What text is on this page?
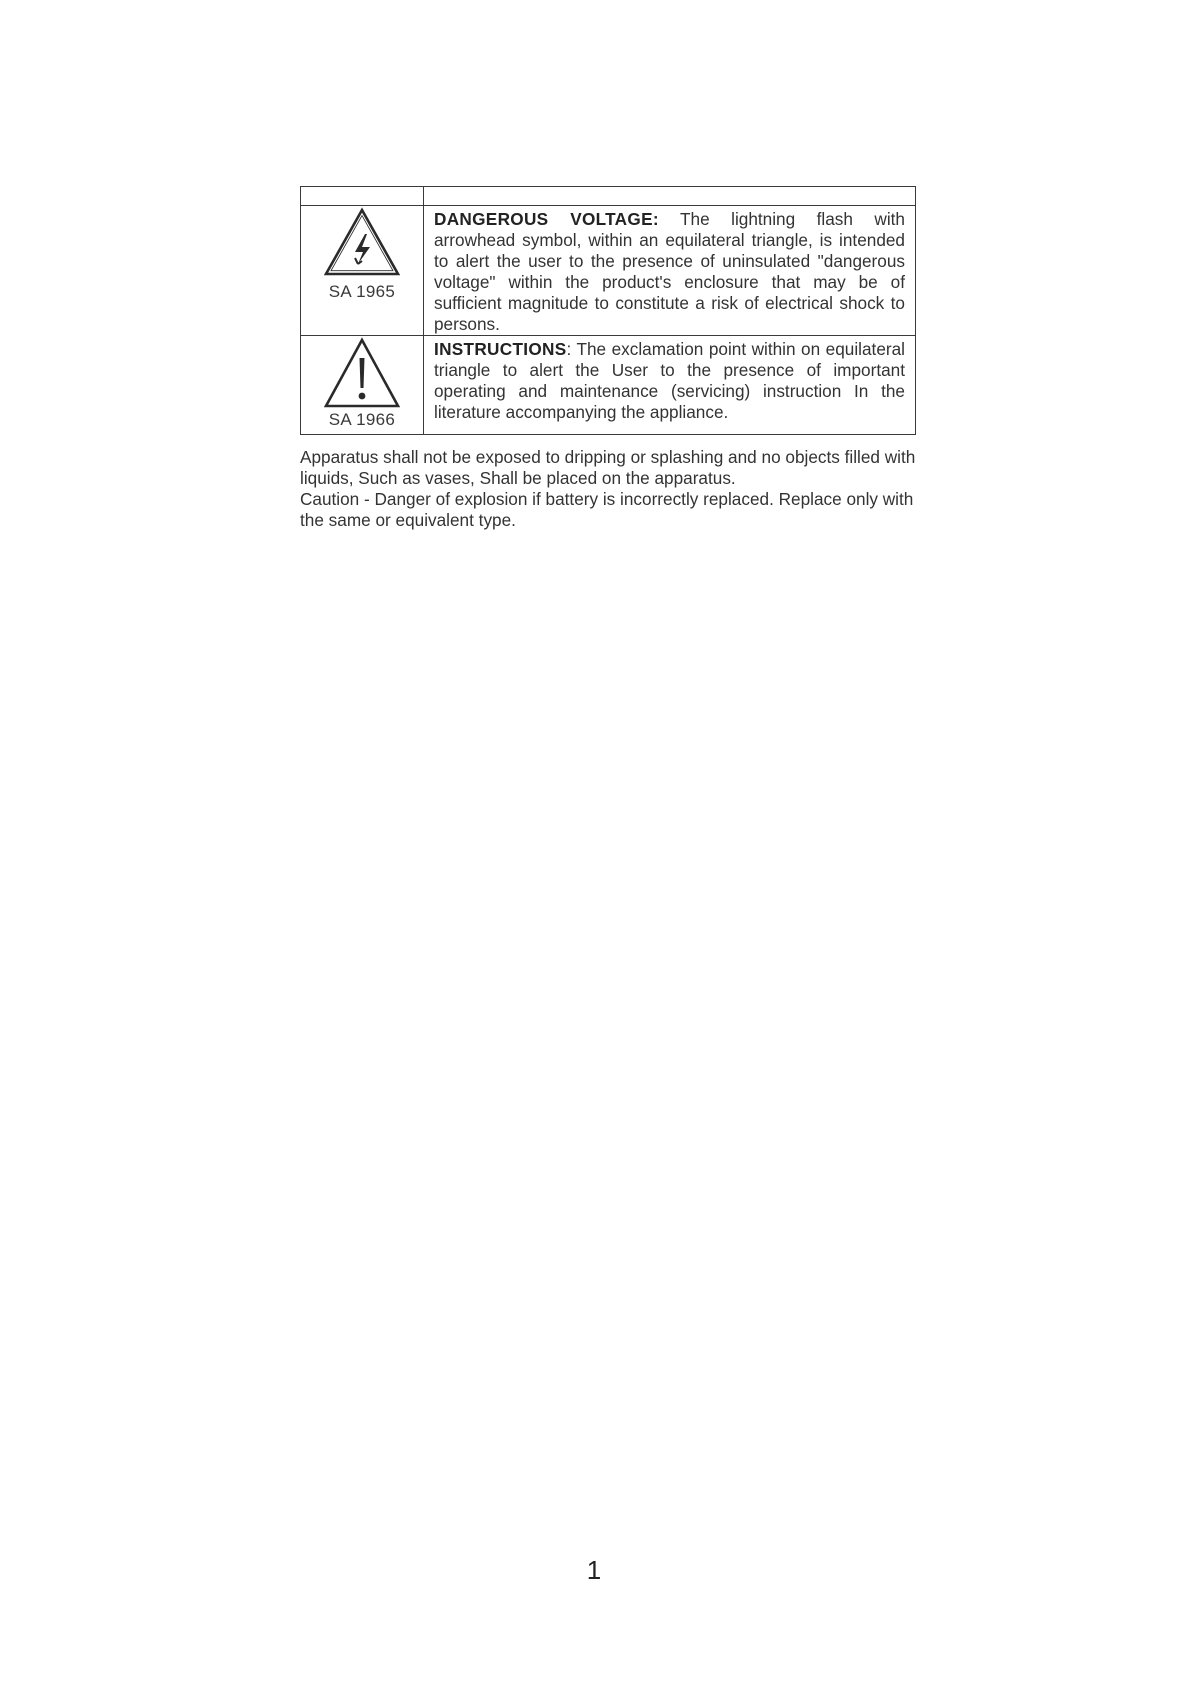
SA 1965	DANGEROUS VOLTAGE: The lightning flash with arrowhead symbol, within an equilateral triangle, is intended to alert the user to the presence of uninsulated "dangerous voltage" within the product's enclosure that may be of sufficient magnitude to constitute a risk of electrical shock to persons.

SA 1966	INSTRUCTIONS: The exclamation point within on equilateral triangle to alert the User to the presence of important operating and maintenance (servicing) instruction In the literature accompanying the appliance.

Apparatus shall not be exposed to dripping or splashing and no objects filled with liquids, Such as vases, Shall be placed on the apparatus.

Caution - Danger of explosion if battery is incorrectly replaced. Replace only with the same or equivalent type.

1
